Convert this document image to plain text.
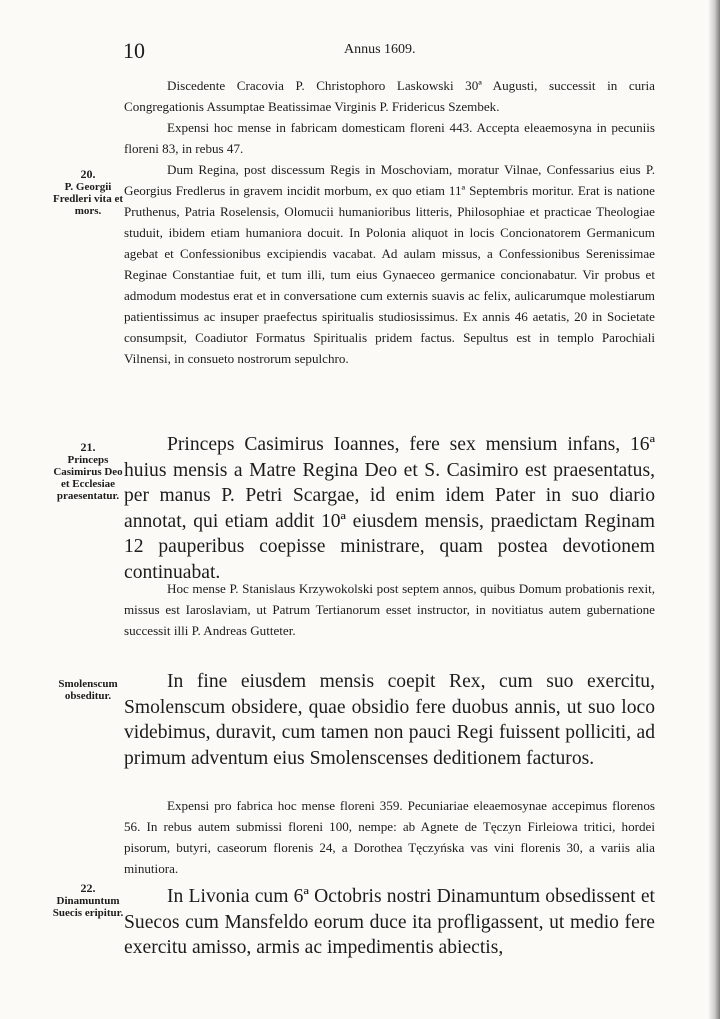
10	Annus 1609.

Discedente Cracovia P. Christophoro Laskowski 30ª Augusti, successit in curia Congregationis Assumptae Beatissimae Virginis P. Fridericus Szembek.

Expensi hoc mense in fabricam domesticam floreni 443. Accepta eleaemosyna in pecuniis floreni 83, in rebus 47.

20.
P. Georgii Fredleri vita et mors.

Dum Regina, post discessum Regis in Moschoviam, moratur Vilnae, Confessarius eius P. Georgius Fredlerus in gravem incidit morbum, ex quo etiam 11ª Septembris moritur. Erat is natione Pruthenus, Patria Roselensis, Olomucii humanioribus litteris, Philosophiae et practicae Theologiae studuit, ibidem etiam humaniora docuit. In Polonia aliquot in locis Concionatorem Germanicum agebat et Confessionibus excipiendis vacabat. Ad aulam missus, a Confessionibus Serenissimae Reginae Constantiae fuit, et tum illi, tum eius Gynaeceo germanice concionabatur. Vir probus et admodum modestus erat et in conversatione cum externis suavis ac felix, aulicarumque molestiarum patientissimus ac insuper praefectus spiritualis studiosissimus. Ex annis 46 aetatis, 20 in Societate consumpsit, Coadiutor Formatus Spiritualis pridem factus. Sepultus est in templo Parochiali Vilnensi, in consueto nostrorum sepulchro.

21.
Princeps Casimirus Deo et Ecclesiae praesentatur.

Princeps Casimirus Ioannes, fere sex mensium infans, 16ª huius mensis a Matre Regina Deo et S. Casimiro est praesentatus, per manus P. Petri Scargae, id enim idem Pater in suo diario annotat, qui etiam addit 10ª eiusdem mensis, praedictam Reginam 12 pauperibus coepisse ministrare, quam postea devotionem continuabat.

Hoc mense P. Stanislaus Krzywokolski post septem annos, quibus Domum probationis rexit, missus est Iaroslaviam, ut Patrum Tertianorum esset instructor, in novitiatus autem gubernatione successit illi P. Andreas Gutteter.

Smolenscum obseditur.

In fine eiusdem mensis coepit Rex, cum suo exercitu, Smolenscum obsidere, quae obsidio fere duobus annis, ut suo loco videbimus, duravit, cum tamen non pauci Regi fuissent polliciti, ad primum adventum eius Smolenscenses deditionem facturos.

Expensi pro fabrica hoc mense floreni 359. Pecuniariae eleaemosynae accepimus florenos 56. In rebus autem submissi floreni 100, nempe: ab Agnete de Tęczyn Firleiowa tritici, hordei pisorum, butyri, caseorum florenis 24, a Dorothea Tęczyńska vas vini florenis 30, a variis alia minutiora.

22.
Dinamuntum Suecis eripitur.

In Livonia cum 6ª Octobris nostri Dinamuntum obsedissent et Suecos cum Mansfeldo eorum duce ita profligassent, ut medio fere exercitu amisso, armis ac impedimentis abiectis,
